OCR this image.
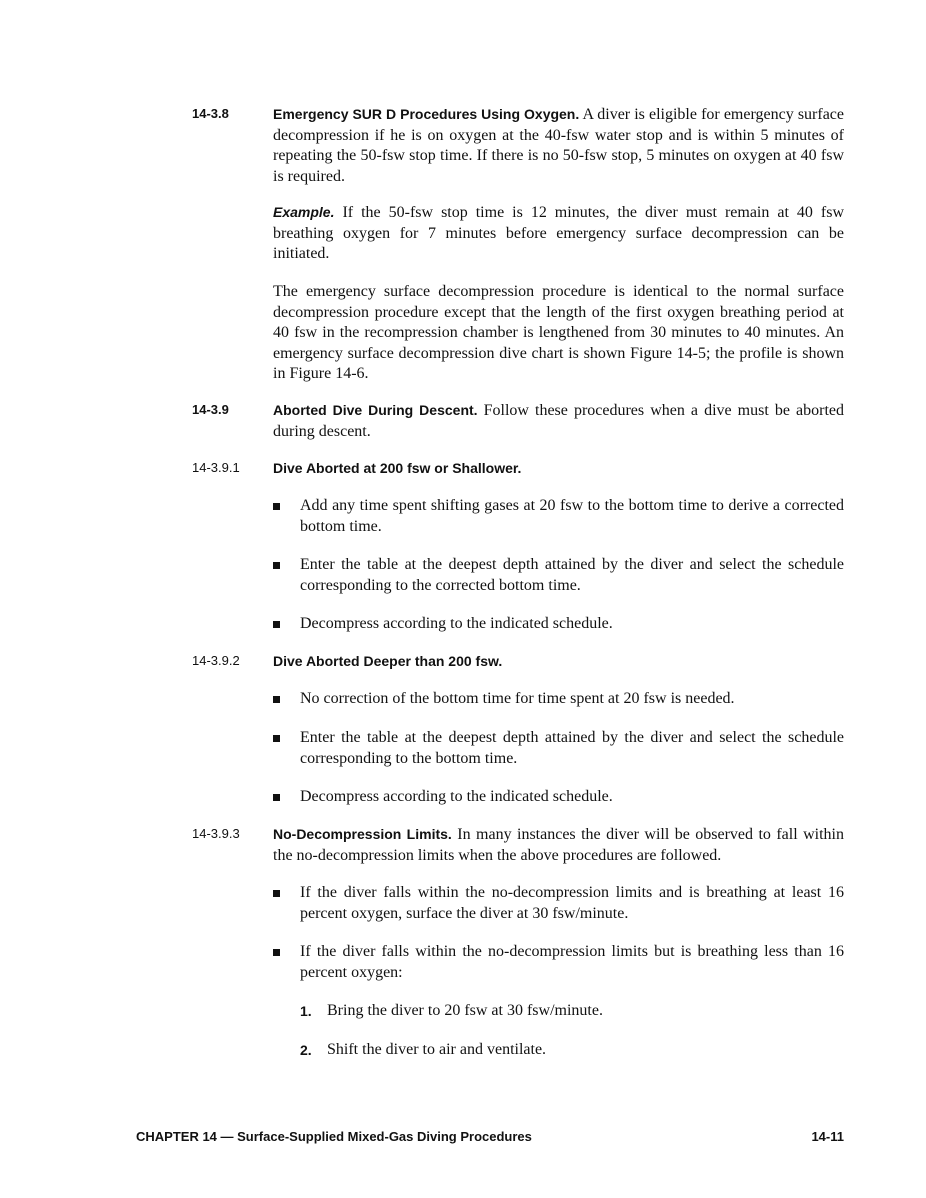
14-3.8	Emergency SUR D Procedures Using Oxygen. A diver is eligible for emergency surface decompression if he is on oxygen at the 40-fsw water stop and is within 5 minutes of repeating the 50-fsw stop time. If there is no 50-fsw stop, 5 minutes on oxygen at 40 fsw is required.
Example. If the 50-fsw stop time is 12 minutes, the diver must remain at 40 fsw breathing oxygen for 7 minutes before emergency surface decompression can be initiated.
The emergency surface decompression procedure is identical to the normal surface decompression procedure except that the length of the first oxygen breathing period at 40 fsw in the recompression chamber is lengthened from 30 minutes to 40 minutes. An emergency surface decompression dive chart is shown Figure 14-5; the profile is shown in Figure 14-6.
14-3.9	Aborted Dive During Descent. Follow these procedures when a dive must be aborted during descent.
14-3.9.1 Dive Aborted at 200 fsw or Shallower.
Add any time spent shifting gases at 20 fsw to the bottom time to derive a corrected bottom time.
Enter the table at the deepest depth attained by the diver and select the schedule corresponding to the corrected bottom time.
Decompress according to the indicated schedule.
14-3.9.2 Dive Aborted Deeper than 200 fsw.
No correction of the bottom time for time spent at 20 fsw is needed.
Enter the table at the deepest depth attained by the diver and select the schedule corresponding to the bottom time.
Decompress according to the indicated schedule.
14-3.9.3 No-Decompression Limits. In many instances the diver will be observed to fall within the no-decompression limits when the above procedures are followed.
If the diver falls within the no-decompression limits and is breathing at least 16 percent oxygen, surface the diver at 30 fsw/minute.
If the diver falls within the no-decompression limits but is breathing less than 16 percent oxygen:
1. Bring the diver to 20 fsw at 30 fsw/minute.
2. Shift the diver to air and ventilate.
CHAPTER 14 — Surface-Supplied Mixed-Gas Diving Procedures	14-11
